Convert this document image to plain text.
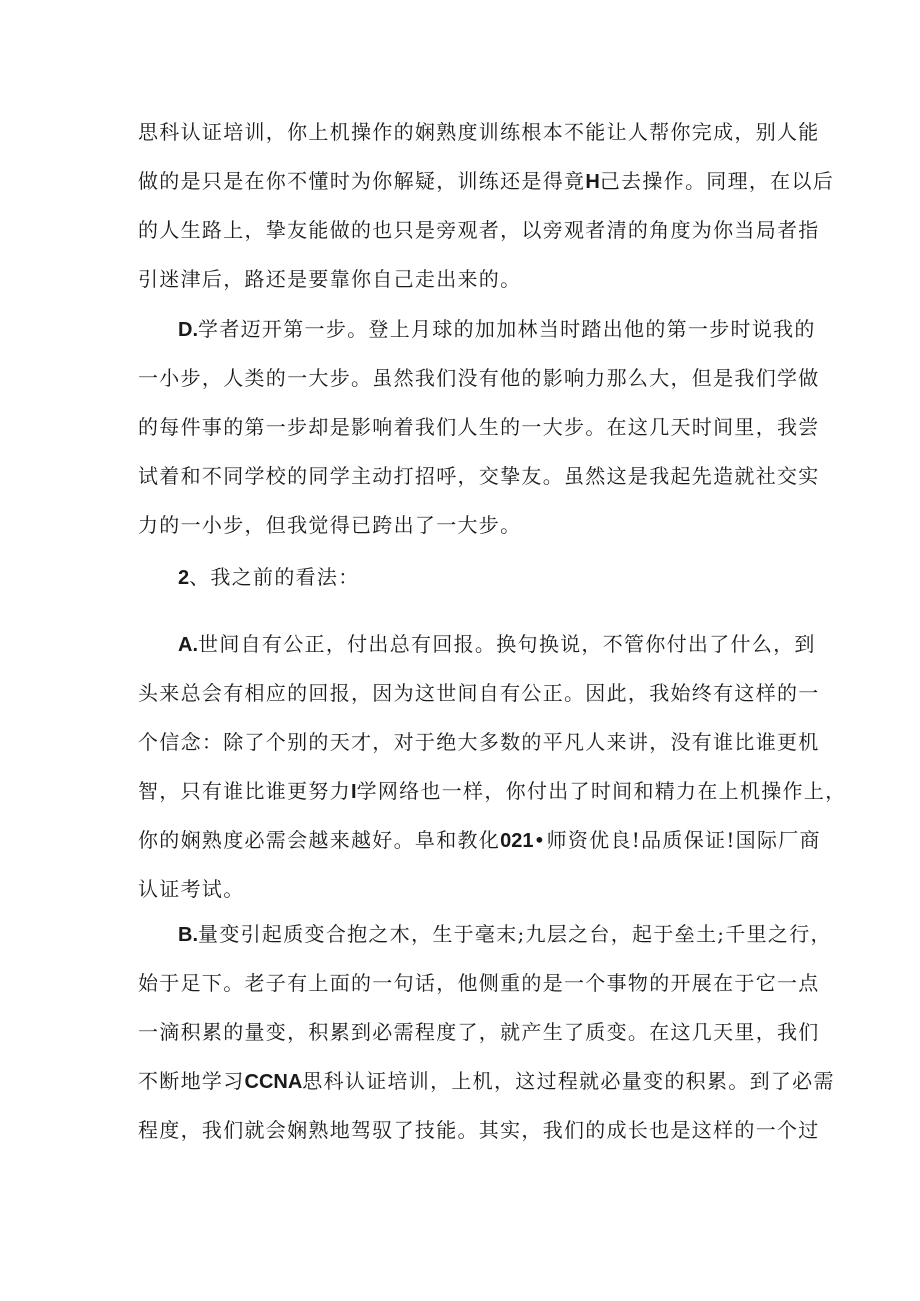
思科认证培训，你上机操作的娴熟度训练根本不能让人帮你完成，别人能
做的是只是在你不懂时为你解疑，训练还是得竟H己去操作。同理，在以后
的人生路上，挚友能做的也只是旁观者，以旁观者清的角度为你当局者指
引迷津后，路还是要靠你自己走出来的。
D.学者迈开第一步。登上月球的加加林当时踏出他的第一步时说我的
一小步，人类的一大步。虽然我们没有他的影响力那么大，但是我们学做
的每件事的第一步却是影响着我们人生的一大步。在这几天时间里，我尝
试着和不同学校的同学主动打招呼，交挚友。虽然这是我起先造就社交实
力的一小步，但我觉得已跨出了一大步。
2、我之前的看法：
A.世间自有公正，付出总有回报。换句换说，不管你付出了什么，到
头来总会有相应的回报，因为这世间自有公正。因此，我始终有这样的一
个信念：除了个别的天才，对于绝大多数的平凡人来讲，没有谁比谁更机
智，只有谁比谁更努力I学网络也一样，你付出了时间和精力在上机操作上，
你的娴熟度必需会越来越好。阜和教化021•师资优良!品质保证!国际厂商
认证考试。
B.量变引起质变合抱之木，生于毫末;九层之台，起于垒土;千里之行，
始于足下。老子有上面的一句话，他侧重的是一个事物的开展在于它一点
一滴积累的量变，积累到必需程度了，就产生了质变。在这几天里，我们
不断地学习CCNA思科认证培训，上机，这过程就必量变的积累。到了必需
程度，我们就会娴熟地驾驭了技能。其实，我们的成长也是这样的一个过
